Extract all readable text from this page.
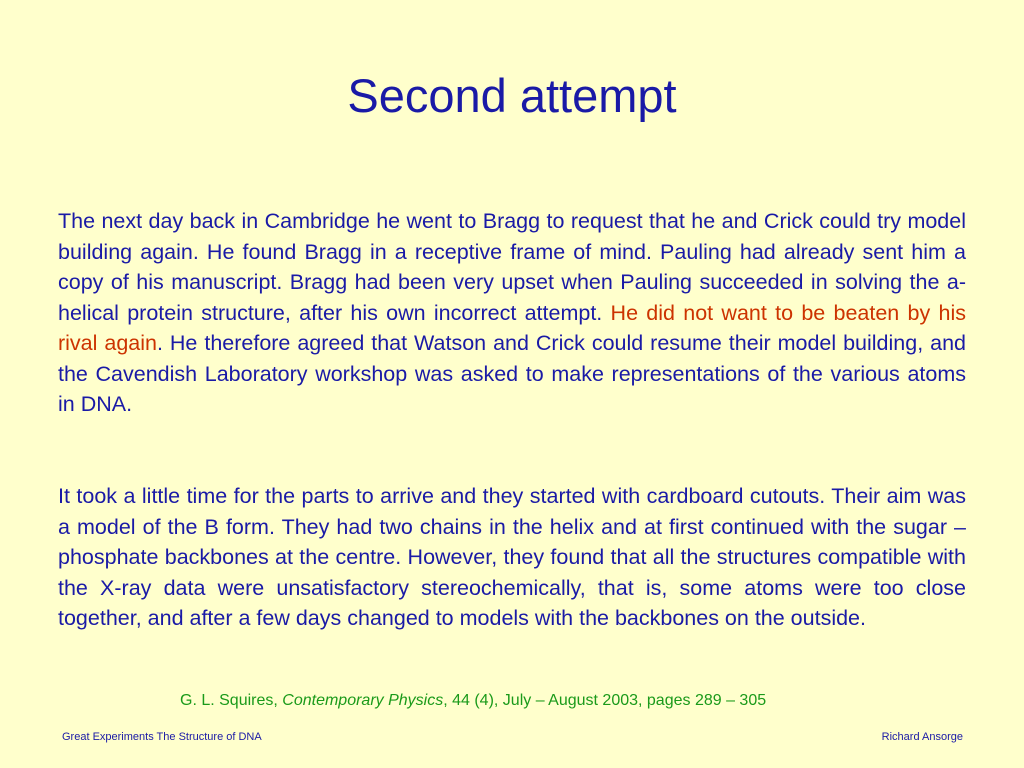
Second attempt

The next day back in Cambridge he went to Bragg to request that he and Crick could try model building again. He found Bragg in a receptive frame of mind. Pauling had already sent him a copy of his manuscript. Bragg had been very upset when Pauling succeeded in solving the a-helical protein structure, after his own incorrect attempt. He did not want to be beaten by his rival again. He therefore agreed that Watson and Crick could resume their model building, and the Cavendish Laboratory workshop was asked to make representations of the various atoms in DNA.

It took a little time for the parts to arrive and they started with cardboard cutouts. Their aim was a model of the B form. They had two chains in the helix and at first continued with the sugar – phosphate backbones at the centre. However, they found that all the structures compatible with the X-ray data were unsatisfactory stereochemically, that is, some atoms were too close together, and after a few days changed to models with the backbones on the outside.

G. L. Squires, Contemporary Physics, 44 (4), July – August 2003, pages 289 – 305

Great Experiments The Structure of DNA	Richard Ansorge
